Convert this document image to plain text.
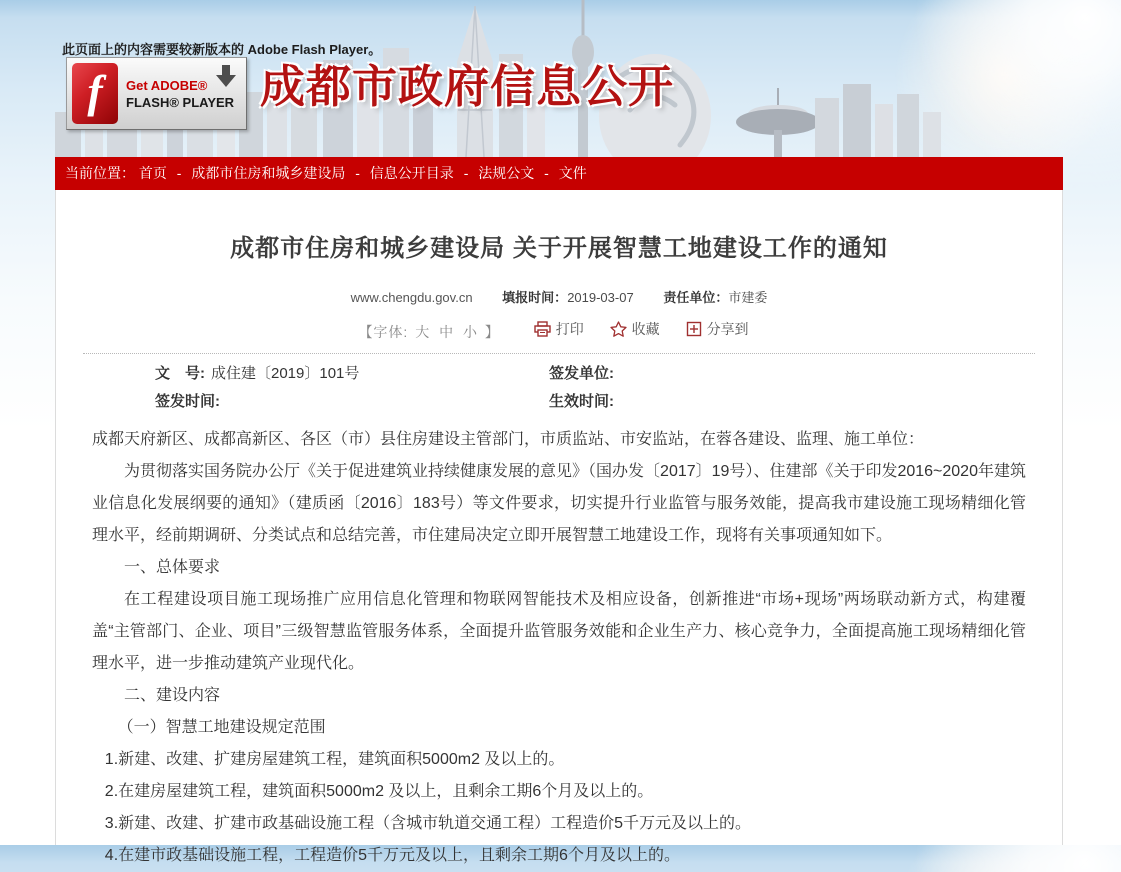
此页面上的内容需要较新版本的 Adobe Flash Player。
f	Get ADOBE®
FLASH® PLAYER 成都市政府信息公开
当前位置： 首页 - 成都市住房和城乡建设局 - 信息公开目录 - 法规公文 - 文件
成都市住房和城乡建设局 关于开展智慧工地建设工作的通知
www.chengdu.gov.cn 填报时间：2019-03-07 责任单位：市建委
【字体: 大 中 小 】	打印
	收藏
	分享到
文　号: 成住建〔2019〕101号	签发单位:
签发时间:	生效时间:

成都天府新区、成都高新区、各区（市）县住房建设主管部门，市质监站、市安监站，在蓉各建设、监理、施工单位：

为贯彻落实国务院办公厅《关于促进建筑业持续健康发展的意见》（国办发〔2017〕19号）、住建部《关于印发2016~2020年建筑业信息化发展纲要的通知》（建质函〔2016〕183号）等文件要求，切实提升行业监管与服务效能，提高我市建设施工现场精细化管理水平，经前期调研、分类试点和总结完善，市住建局决定立即开展智慧工地建设工作，现将有关事项通知如下。

一、总体要求

在工程建设项目施工现场推广应用信息化管理和物联网智能技术及相应设备，创新推进“市场+现场”两场联动新方式，构建覆盖“主管部门、企业、项目”三级智慧监管服务体系，全面提升监管服务效能和企业生产力、核心竞争力，全面提高施工现场精细化管理水平，进一步推动建筑产业现代化。

二、建设内容

（一）智慧工地建设规定范围

1.新建、改建、扩建房屋建筑工程，建筑面积5000m2 及以上的。

2.在建房屋建筑工程，建筑面积5000m2 及以上，且剩余工期6个月及以上的。

3.新建、改建、扩建市政基础设施工程（含城市轨道交通工程）工程造价5千万元及以上的。

4.在建市政基础设施工程，工程造价5千万元及以上，且剩余工期6个月及以上的。
